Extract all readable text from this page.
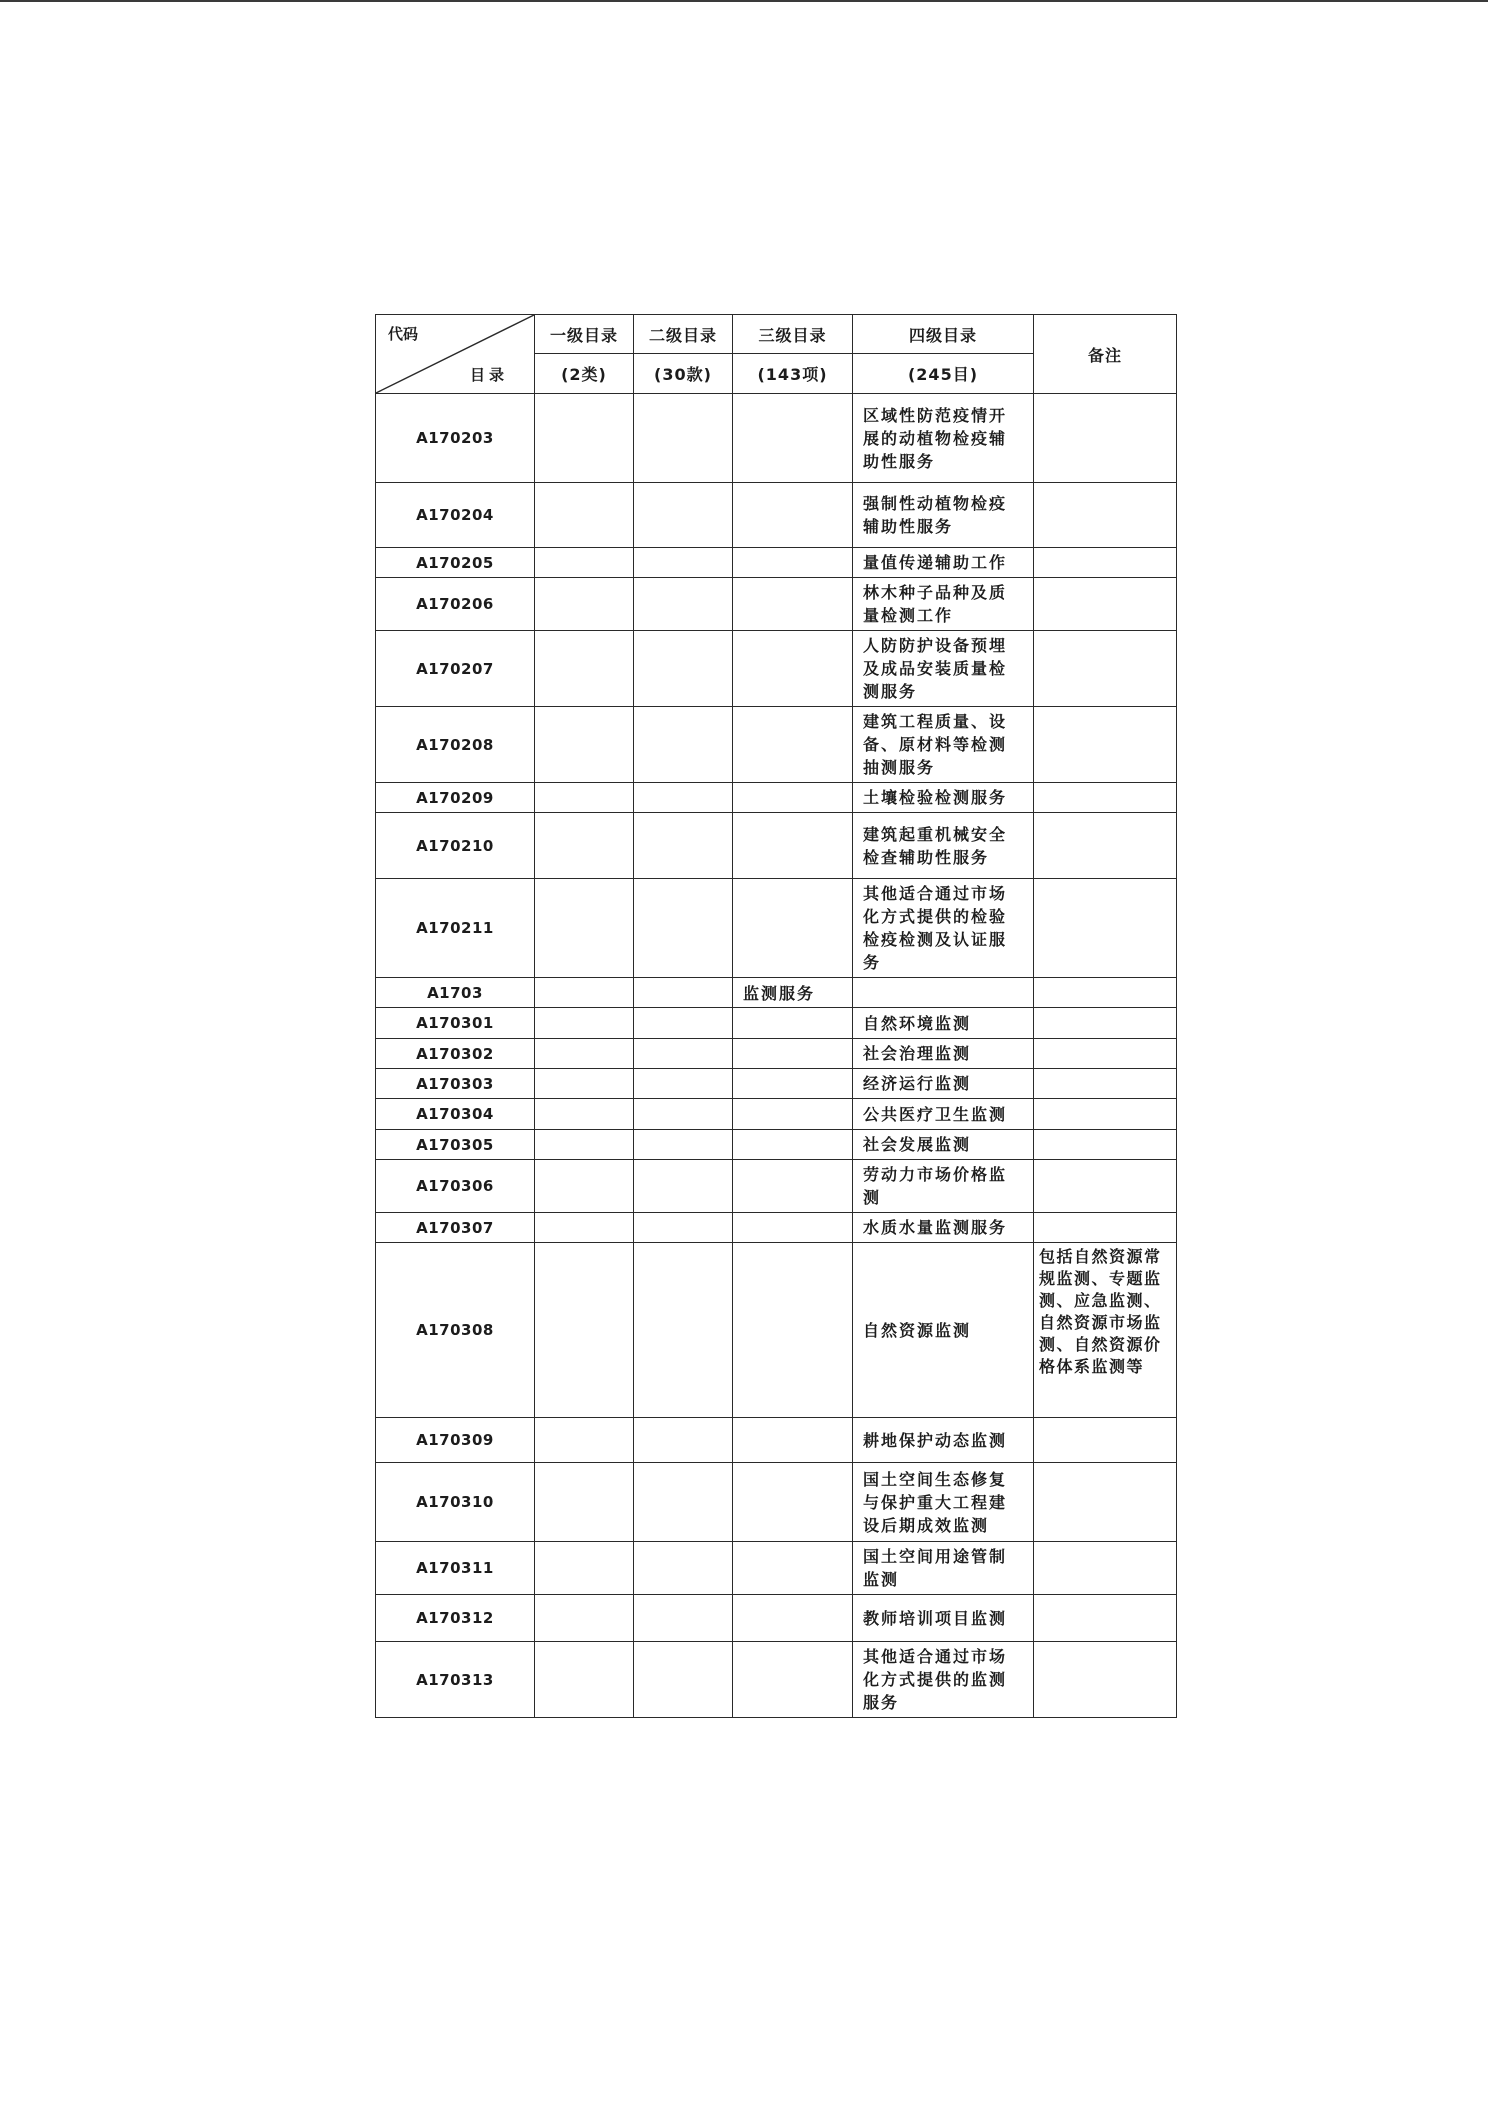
代码
目录	一级目录	二级目录	三级目录	四级目录	备注
	(2类)	(30款)	(143项)	(245目)	
A170203				区域性防范疫情开展的动植物检疫辅助性服务	
A170204				强制性动植物检疫辅助性服务	
A170205				量值传递辅助工作	
A170206				林木种子品种及质量检测工作	
A170207				人防防护设备预埋及成品安装质量检测服务	
A170208				建筑工程质量、设备、原材料等检测抽测服务	
A170209				土壤检验检测服务	
A170210				建筑起重机械安全检查辅助性服务	
A170211				其他适合通过市场化方式提供的检验检疫检测及认证服务	
A1703			监测服务		
A170301				自然环境监测	
A170302				社会治理监测	
A170303				经济运行监测	
A170304				公共医疗卫生监测	
A170305				社会发展监测	
A170306				劳动力市场价格监测	
A170307				水质水量监测服务	
A170308				自然资源监测	包括自然资源常规监测、专题监测、应急监测、自然资源市场监测、自然资源价格体系监测等
A170309				耕地保护动态监测	
A170310				国土空间生态修复与保护重大工程建设后期成效监测	
A170311				国土空间用途管制监测	
A170312				教师培训项目监测	
A170313				其他适合通过市场化方式提供的监测服务	
